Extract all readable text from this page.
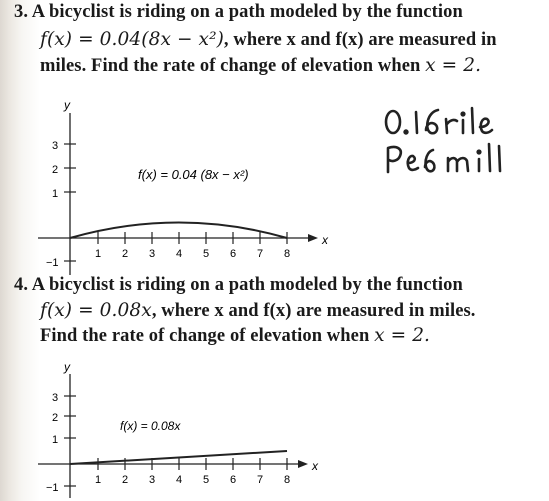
3. A bicyclist is riding on a path modeled by the function
f(x) = 0.04(8x − x²), where x and f(x) are measured in
miles. Find the rate of change of elevation when x = 2.
y
x
3
2
1
−1
1 2 3 4 5 6 7 8
f(x) = 0.04 (8x − x²)
4. A bicyclist is riding on a path modeled by the function
f(x) = 0.08x, where x and f(x) are measured in miles.
Find the rate of change of elevation when x = 2.
y
x
3
2
1
−1
1 2 3 4 5 6 7 8
f(x) = 0.08x
